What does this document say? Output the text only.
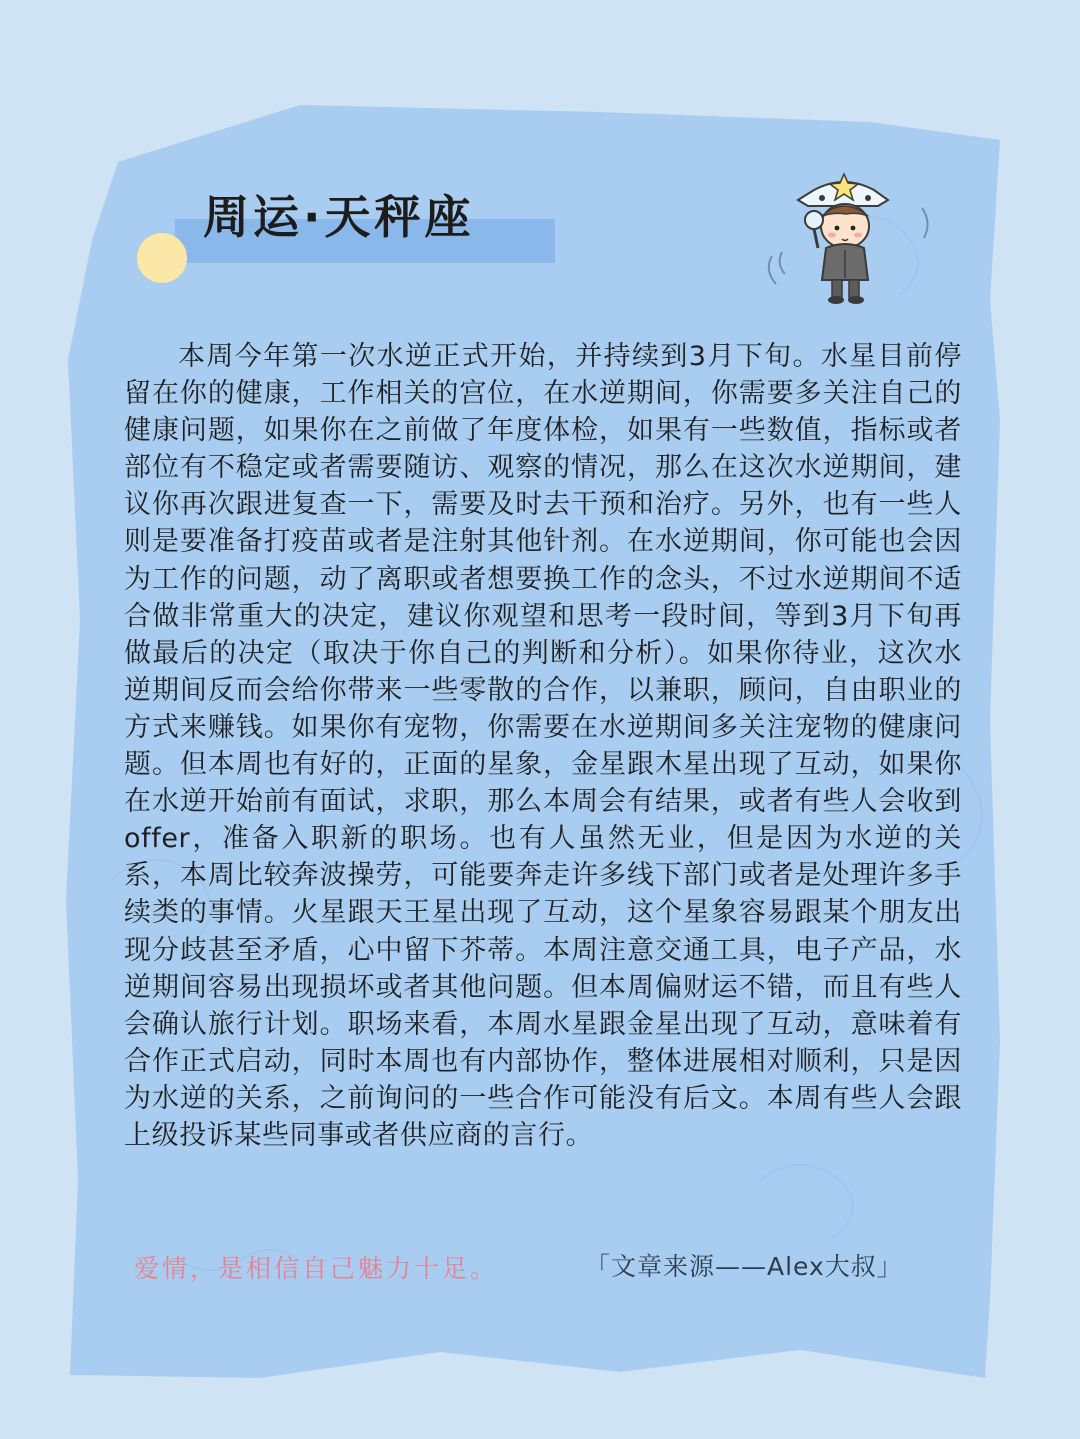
周运·天秤座

本周今年第一次水逆正式开始，并持续到3月下旬。水星目前停留在你的健康，工作相关的宫位，在水逆期间，你需要多关注自己的健康问题，如果你在之前做了年度体检，如果有一些数值，指标或者部位有不稳定或者需要随访、观察的情况，那么在这次水逆期间，建议你再次跟进复查一下，需要及时去干预和治疗。另外，也有一些人则是要准备打疫苗或者是注射其他针剂。在水逆期间，你可能也会因为工作的问题，动了离职或者想要换工作的念头，不过水逆期间不适合做非常重大的决定，建议你观望和思考一段时间，等到3月下旬再做最后的决定（取决于你自己的判断和分析）。如果你待业，这次水逆期间反而会给你带来一些零散的合作，以兼职，顾问，自由职业的方式来赚钱。如果你有宠物，你需要在水逆期间多关注宠物的健康问题。但本周也有好的，正面的星象，金星跟木星出现了互动，如果你在水逆开始前有面试，求职，那么本周会有结果，或者有些人会收到offer，准备入职新的职场。也有人虽然无业，但是因为水逆的关系，本周比较奔波操劳，可能要奔走许多线下部门或者是处理许多手续类的事情。火星跟天王星出现了互动，这个星象容易跟某个朋友出现分歧甚至矛盾，心中留下芥蒂。本周注意交通工具，电子产品，水逆期间容易出现损坏或者其他问题。但本周偏财运不错，而且有些人会确认旅行计划。职场来看，本周水星跟金星出现了互动，意味着有合作正式启动，同时本周也有内部协作，整体进展相对顺利，只是因为水逆的关系，之前询问的一些合作可能没有后文。本周有些人会跟上级投诉某些同事或者供应商的言行。

爱情，是相信自己魅力十足。	「文章来源——Alex大叔」
